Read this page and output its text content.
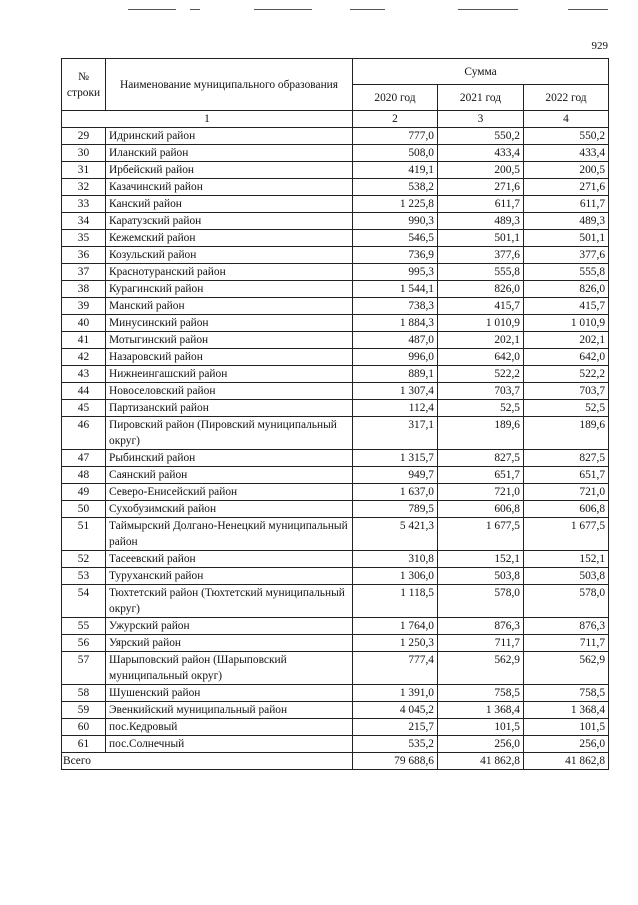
929
№ строки	Наименование муниципального образования	Сумма		
		2020 год	2021 год	2022 год
1		2	3	4
29	Идринский район	777,0	550,2	550,2
30	Иланский район	508,0	433,4	433,4
31	Ирбейский район	419,1	200,5	200,5
32	Казачинский район	538,2	271,6	271,6
33	Канский район	1 225,8	611,7	611,7
34	Каратузский район	990,3	489,3	489,3
35	Кежемский район	546,5	501,1	501,1
36	Козульский район	736,9	377,6	377,6
37	Краснотуранский район	995,3	555,8	555,8
38	Курагинский район	1 544,1	826,0	826,0
39	Манский район	738,3	415,7	415,7
40	Минусинский район	1 884,3	1 010,9	1 010,9
41	Мотыгинский район	487,0	202,1	202,1
42	Назаровский район	996,0	642,0	642,0
43	Нижнеингашский район	889,1	522,2	522,2
44	Новоселовский район	1 307,4	703,7	703,7
45	Партизанский район	112,4	52,5	52,5
46	Пировский район (Пировский муниципальный округ)	317,1	189,6	189,6
47	Рыбинский район	1 315,7	827,5	827,5
48	Саянский район	949,7	651,7	651,7
49	Северо-Енисейский район	1 637,0	721,0	721,0
50	Сухобузимский район	789,5	606,8	606,8
51	Таймырский Долгано-Ненецкий муниципальный район	5 421,3	1 677,5	1 677,5
52	Тасеевский район	310,8	152,1	152,1
53	Туруханский район	1 306,0	503,8	503,8
54	Тюхтетский район (Тюхтетский муниципальный округ)	1 118,5	578,0	578,0
55	Ужурский район	1 764,0	876,3	876,3
56	Уярский район	1 250,3	711,7	711,7
57	Шарыповский район (Шарыповский муниципальный округ)	777,4	562,9	562,9
58	Шушенский район	1 391,0	758,5	758,5
59	Эвенкийский муниципальный район	4 045,2	1 368,4	1 368,4
60	пос.Кедровый	215,7	101,5	101,5
61	пос.Солнечный	535,2	256,0	256,0
Всего		79 688,6	41 862,8	41 862,8
